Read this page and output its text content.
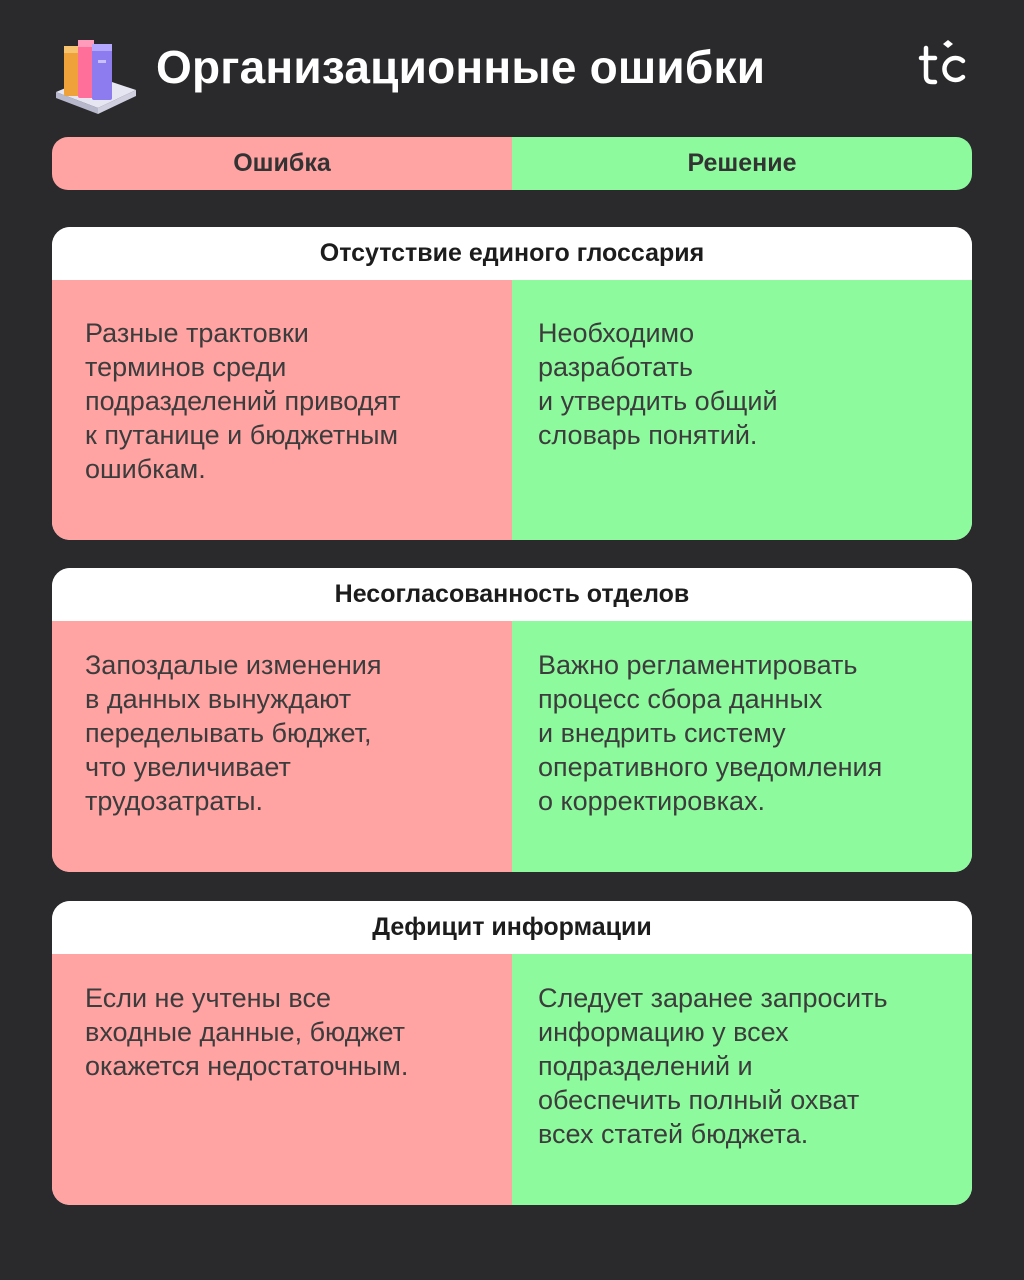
Организационные ошибки
Ошибка	Решение
Отсутствие единого глоссария
Разные трактовки
терминов среди
подразделений приводят
к путанице и бюджетным
ошибкам.
Необходимо
разработать
и утвердить общий
словарь понятий.
Несогласованность отделов
Запоздалые изменения
в данных вынуждают
переделывать бюджет,
что увеличивает
трудозатраты.
Важно регламентировать
процесс сбора данных
и внедрить систему
оперативного уведомления
о корректировках.
Дефицит информации
Если не учтены все
входные данные, бюджет
окажется недостаточным.
Следует заранее запросить
информацию у всех
подразделений и
обеспечить полный охват
всех статей бюджета.
